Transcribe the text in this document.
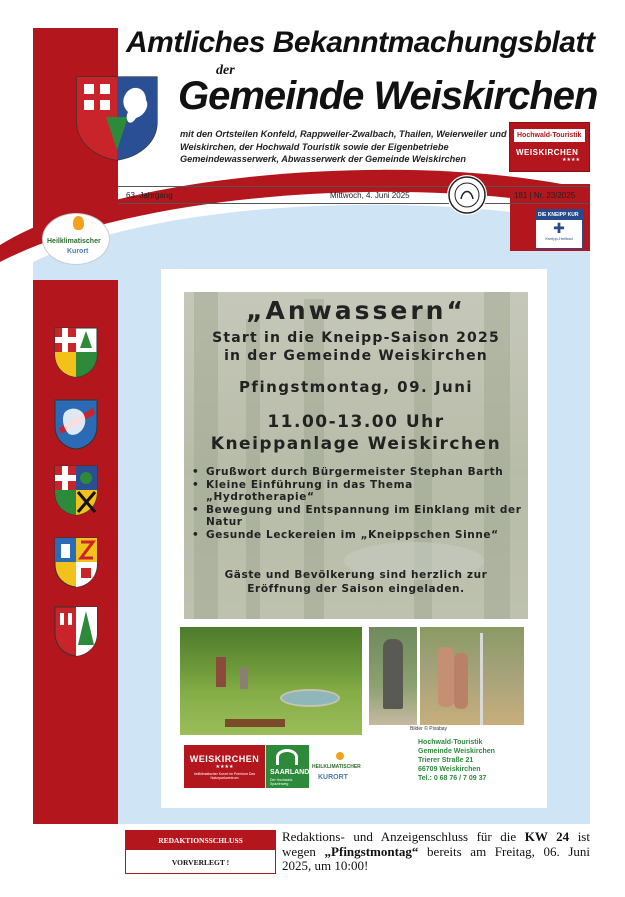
Amtliches Bekanntmachungsblatt
der
Gemeinde Weiskirchen
mit den Ortsteilen Konfeld, Rappweiler-Zwalbach, Thailen, Weierweiler und Weiskirchen, der Hochwald Touristik sowie der Eigenbetriebe Gemeindewasserwerk, Abwasserwerk der Gemeinde Weiskirchen
Hochwald-Touristik
WEISKIRCHEN
★★★★
63. Jahrgang	Mittwoch, 4. Juni 2025	181 | Nr. 23/2025
DIE KNEIPP KUR
✚
Kneipp-Heilbad
Heilklimatischer
Kurort
„Anwassern“
Start in die Kneipp-Saison 2025
in der Gemeinde Weiskirchen
Pfingstmontag, 09. Juni
11.00-13.00 Uhr
Kneippanlage Weiskirchen
• Grußwort durch Bürgermeister Stephan Barth
• Kleine Einführung in das Thema „Hydrotherapie“
• Bewegung und Entspannung im Einklang mit der Natur
• Gesunde Leckereien im „Kneippschen Sinne“
Gäste und Bevölkerung sind herzlich zur
Eröffnung der Saison eingeladen.
Bilder © Pixabay
WEISKIRCHEN
★★★★
heilklimatischer Kurort im Premium Das Naturparkzentrum
SAARLAND
Der Hochwald-Spazierweg
HEILKLIMATISCHER
KURORT
Hochwald-Touristik
Gemeinde Weiskirchen
Trierer Straße 21
66709 Weiskirchen
Tel.: 0 68 76 / 7 09 37
REDAKTIONSSCHLUSS
VORVERLEGT !
Redaktions- und Anzeigenschluss für die KW 24 ist wegen „Pfingstmontag“ bereits am Freitag, 06. Juni 2025, um 10:00!
